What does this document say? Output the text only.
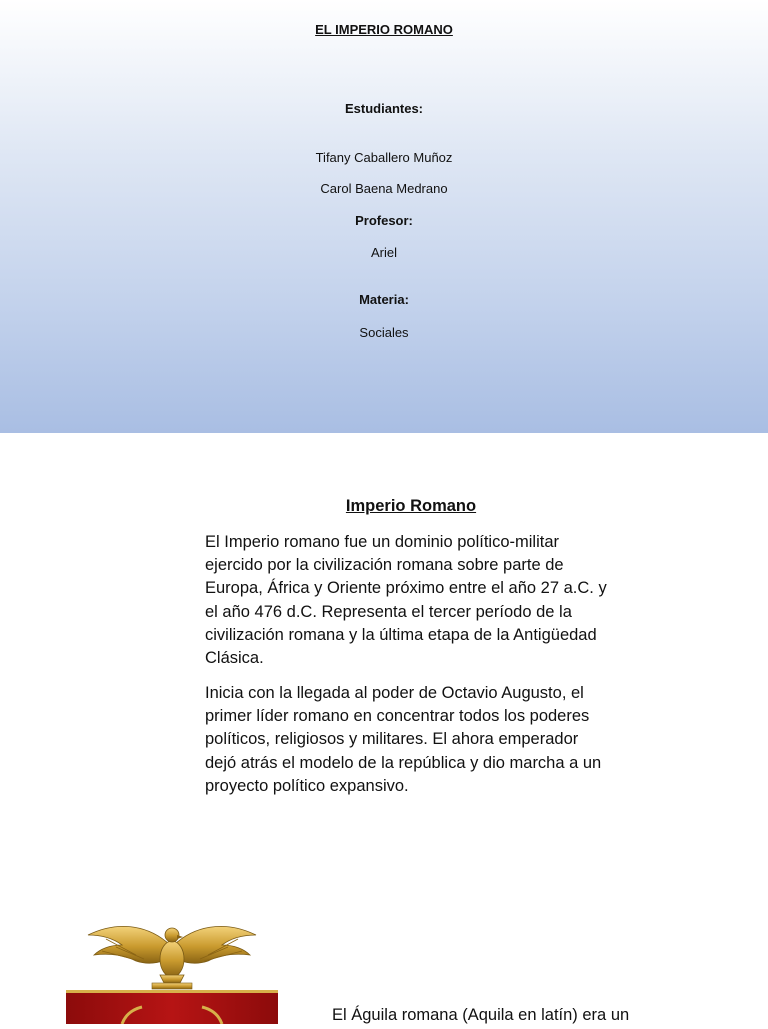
EL IMPERIO ROMANO
Estudiantes:
Tifany Caballero Muñoz
Carol Baena Medrano
Profesor:
Ariel
Materia:
Sociales
Imperio Romano

El Imperio romano fue un dominio político-militar ejercido por la civilización romana sobre parte de Europa, África y Oriente próximo entre el año 27 a.C. y el año 476 d.C. Representa el tercer período de la civilización romana y la última etapa de la Antigüedad Clásica.

Inicia con la llegada al poder de Octavio Augusto, el primer líder romano en concentrar todos los poderes políticos, religiosos y militares. El ahora emperador dejó atrás el modelo de la república y dio marcha a un proyecto político expansivo.

El Águila romana (Aquila en latín) era un
